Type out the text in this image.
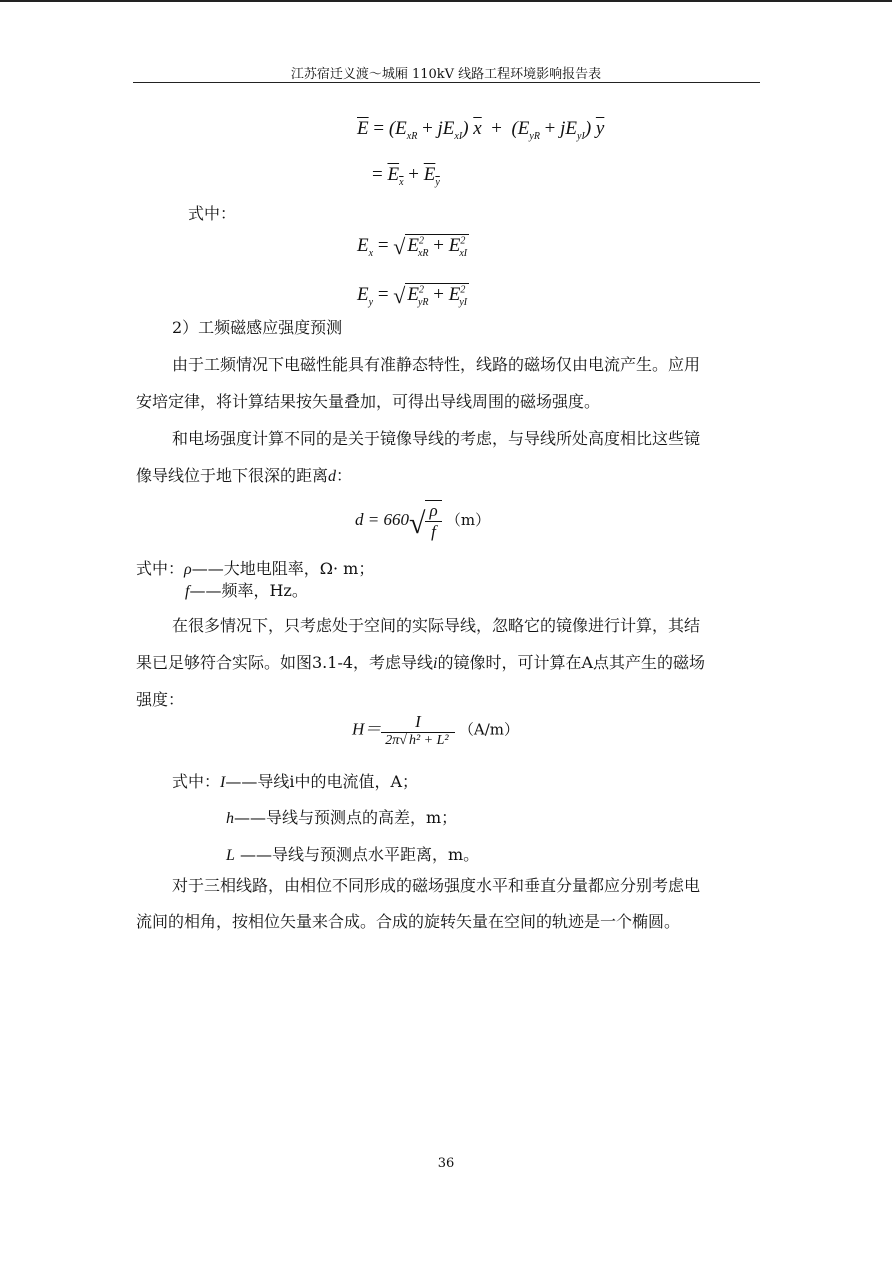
江苏宿迁义渡～城厢 110kV 线路工程环境影响报告表
$\overline{E} = (E_{xR} + jE_{xI}) \overline{x} + (E_{yR} + jE_{yI})$ $\overline{y}$
= $E_x + E_y$
式中：
$E_x$ = √ $E^2_{xR} + E^2_{xI}$
$E_y$ = √ $E^2_{yR} + E^2_{yI}$
2）工频磁感应强度预测
由于工频情况下电磁性能具有准静态特性，线路的磁场仅由电流产生。应用
安培定律，将计算结果按矢量叠加，可得出导线周围的磁场强度。
和电场强度计算不同的是关于镜像导线的考虑，与导线所处高度相比这些镜
像导线位于地下很深的距离d：
$d = 660√ \frac{\rho}{f} (m)$
式中：ρ——大地电阻率，Ω· m；
f——频率，Hz。
在很多情况下，只考虑处于空间的实际导线，忽略它的镜像进行计算，其结
果已足够符合实际。如图3.1-4，考虑导线i的镜像时，可计算在A点其产生的磁场
强度：
$H= \frac{I}{\text{2π√ h² + L²}} (A/m)$
式中：I——导线i中的电流值，A；
h——导线与预测点的高差，m；
L ——导线与预测点水平距离，m。
对于三相线路，由相位不同形成的磁场强度水平和垂直分量都应分别考虑电
流间的相角，按相位矢量来合成。合成的旋转矢量在空间的轨迹是一个椭圆。
36
